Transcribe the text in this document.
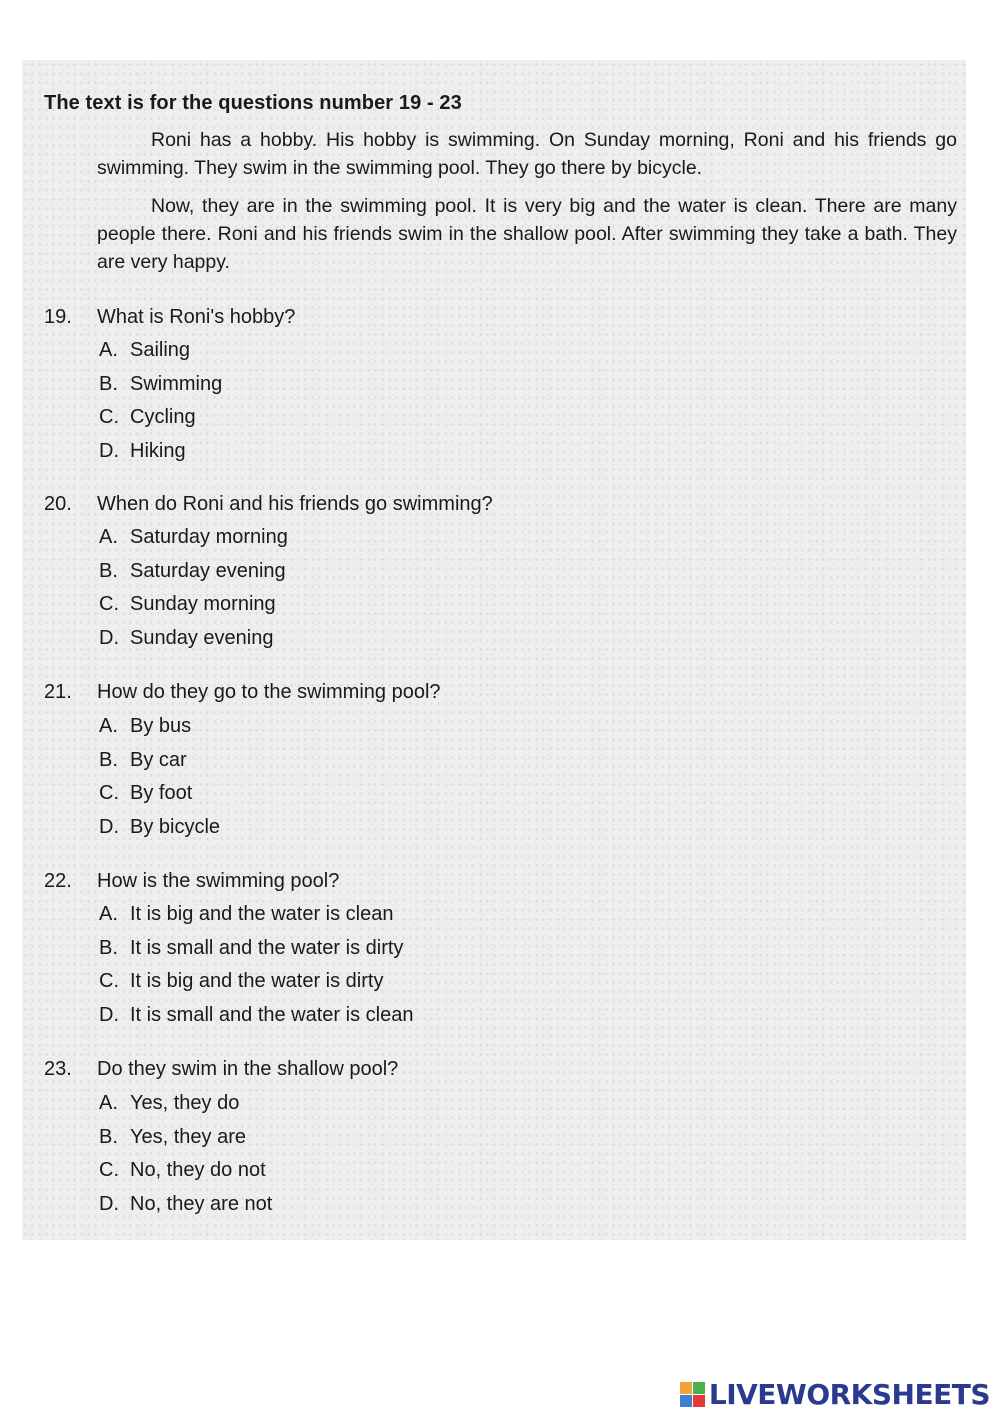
The text is for the questions number 19 - 23
Roni has a hobby. His hobby is swimming. On Sunday morning, Roni and his friends go swimming. They swim in the swimming pool. They go there by bicycle.
Now, they are in the swimming pool. It is very big and the water is clean. There are many people there. Roni and his friends swim in the shallow pool. After swimming they take a bath. They are very happy.
19. What is Roni's hobby?
A. Sailing
B. Swimming
C. Cycling
D. Hiking
20. When do Roni and his friends go swimming?
A. Saturday morning
B. Saturday evening
C. Sunday morning
D. Sunday evening
21. How do they go to the swimming pool?
A. By bus
B. By car
C. By foot
D. By bicycle
22. How is the swimming pool?
A. It is big and the water is clean
B. It is small and the water is dirty
C. It is big and the water is dirty
D. It is small and the water is clean
23. Do they swim in the shallow pool?
A. Yes, they do
B. Yes, they are
C. No, they do not
D. No, they are not
LIVEWORKSHEETS
